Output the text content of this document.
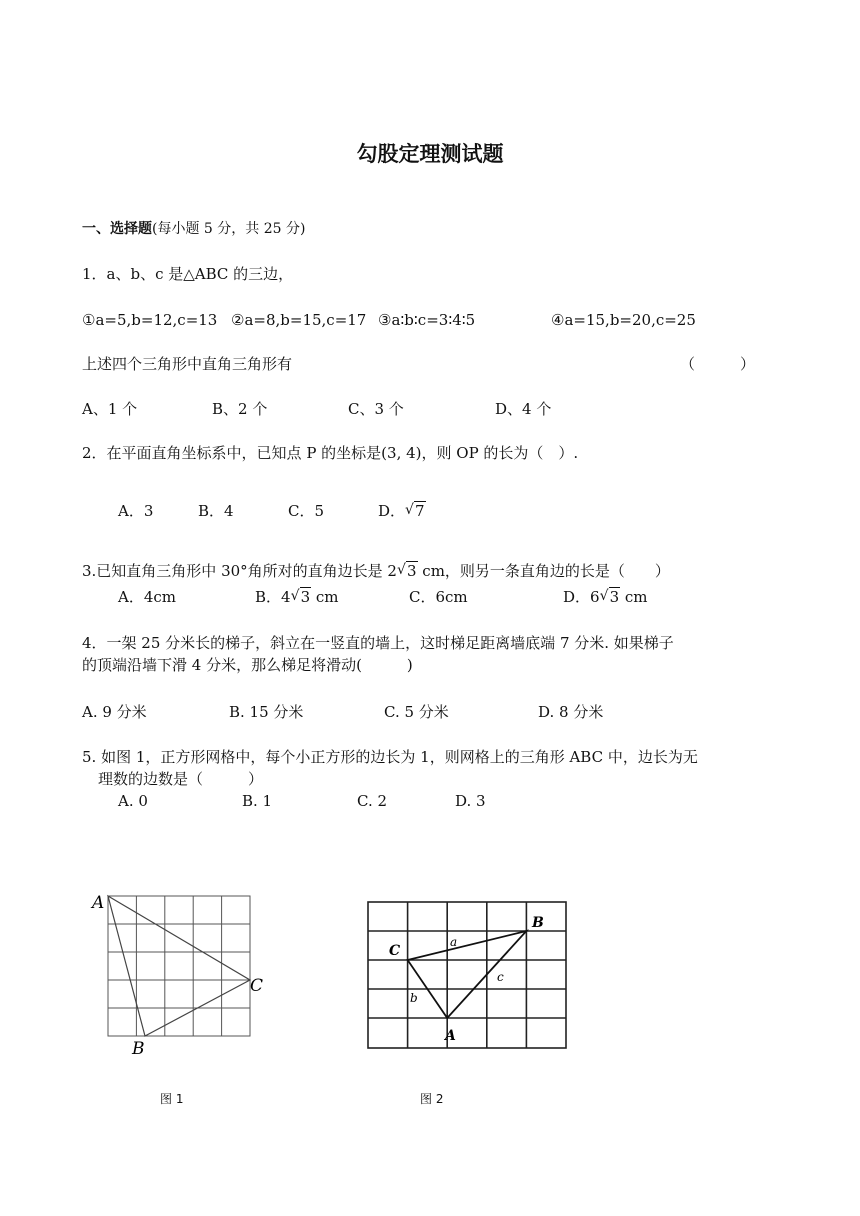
勾股定理测试题
一、选择题(每小题 5 分，共 25 分)
1．a、b、c 是△ABC 的三边，
①a=5,b=12,c=13 ②a=8,b=15,c=17 ③a∶b∶c=3∶4∶5	④a=15,b=20,c=25
上述四个三角形中直角三角形有	（　　　）
A、1 个	B、2 个	C、3 个	D、4 个
2．在平面直角坐标系中，已知点 P 的坐标是(3, 4)，则 OP 的长为（　）.
A．3	B．4	C．5	D． √ 7
3.已知直角三角形中 30°角所对的直角边长是 2 √ 3 cm，则另一条直角边的长是（　　）
A．4cm	B．4 √ 3 cm	C．6cm	D．6 √ 3 cm
4．一架 25 分米长的梯子，斜立在一竖直的墙上，这时梯足距离墙底端 7 分米. 如果梯子
的顶端沿墙下滑 4 分米，那么梯足将滑动(　　　)
A. 9 分米	B. 15 分米	C. 5 分米	D. 8 分米
5. 如图 1，正方形网格中，每个小正方形的边长为 1，则网格上的三角形 ABC 中，边长为无
理数的边数是（　　　）
A. 0	B. 1	C. 2	D. 3
A
B
C
图 1
B
C
A
a
b
c
图 2
